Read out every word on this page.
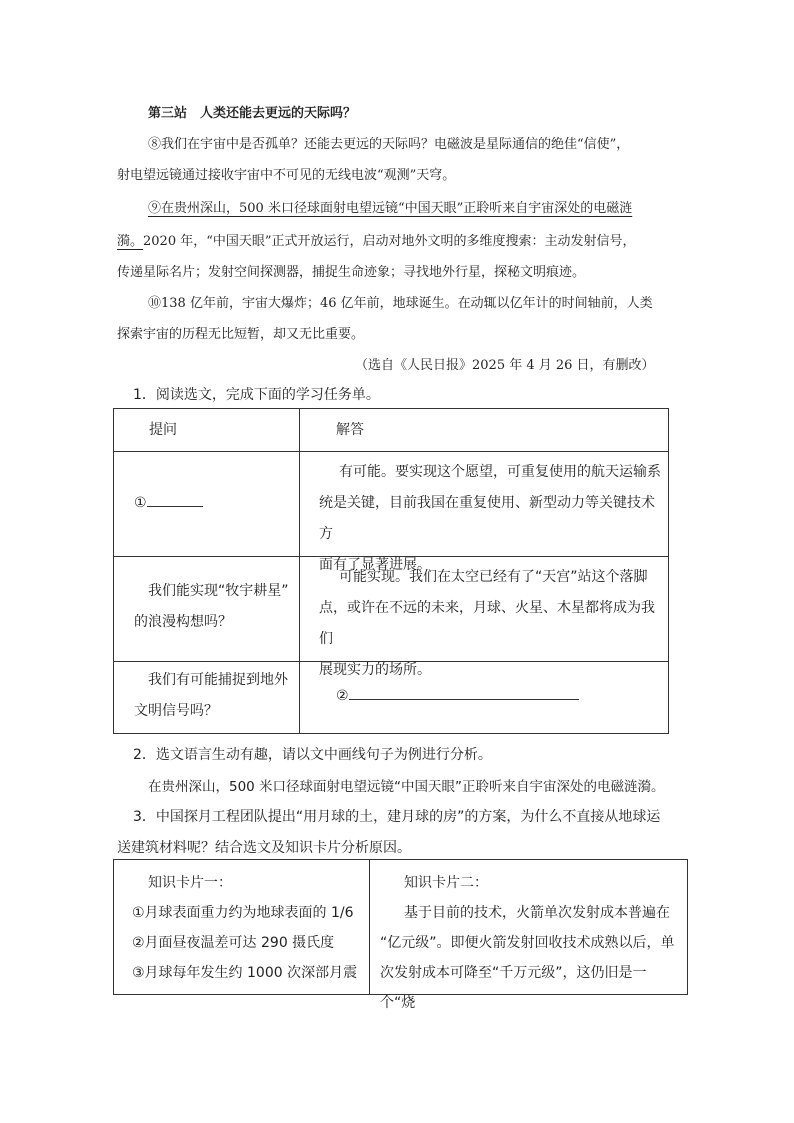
第三站　人类还能去更远的天际吗？
⑧我们在宇宙中是否孤单？还能去更远的天际吗？电磁波是星际通信的绝佳“信使”，
射电望远镜通过接收宇宙中不可见的无线电波“观测”天穹。
⑨在贵州深山，500 米口径球面射电望远镜“中国天眼”正聆听来自宇宙深处的电磁涟
漪。2020 年，“中国天眼”正式开放运行，启动对地外文明的多维度搜索：主动发射信号，
传递星际名片；发射空间探测器，捕捉生命迹象；寻找地外行星，探秘文明痕迹。
⑩138 亿年前，宇宙大爆炸；46 亿年前，地球诞生。在动辄以亿年计的时间轴前，人类
探索宇宙的历程无比短暂，却又无比重要。
（选自《人民日报》2025 年 4 月 26 日，有删改）
1．阅读选文，完成下面的学习任务单。
提问	解答
①
有可能。要实现这个愿望，可重复使用的航天运输系
统是关键，目前我国在重复使用、新型动力等关键技术方
面有了显著进展。
我们能实现“牧宇耕星”
的浪漫构想吗？
可能实现。我们在太空已经有了“天宫”站这个落脚
点，或许在不远的未来，月球、火星、木星都将成为我们
展现实力的场所。
我们有可能捕捉到地外
文明信号吗？
②
2．选文语言生动有趣，请以文中画线句子为例进行分析。
在贵州深山，500 米口径球面射电望远镜“中国天眼”正聆听来自宇宙深处的电磁涟漪。
3．中国探月工程团队提出“用月球的土，建月球的房”的方案，为什么不直接从地球运
送建筑材料呢？结合选文及知识卡片分析原因。
知识卡片一：
①月球表面重力约为地球表面的 1/6
②月面昼夜温差可达 290 摄氏度
③月球每年发生约 1000 次深部月震
知识卡片二：
基于目前的技术，火箭单次发射成本普遍在
“亿元级”。即便火箭发射回收技术成熟以后，单
次发射成本可降至“千万元级”，这仍旧是一个“烧
